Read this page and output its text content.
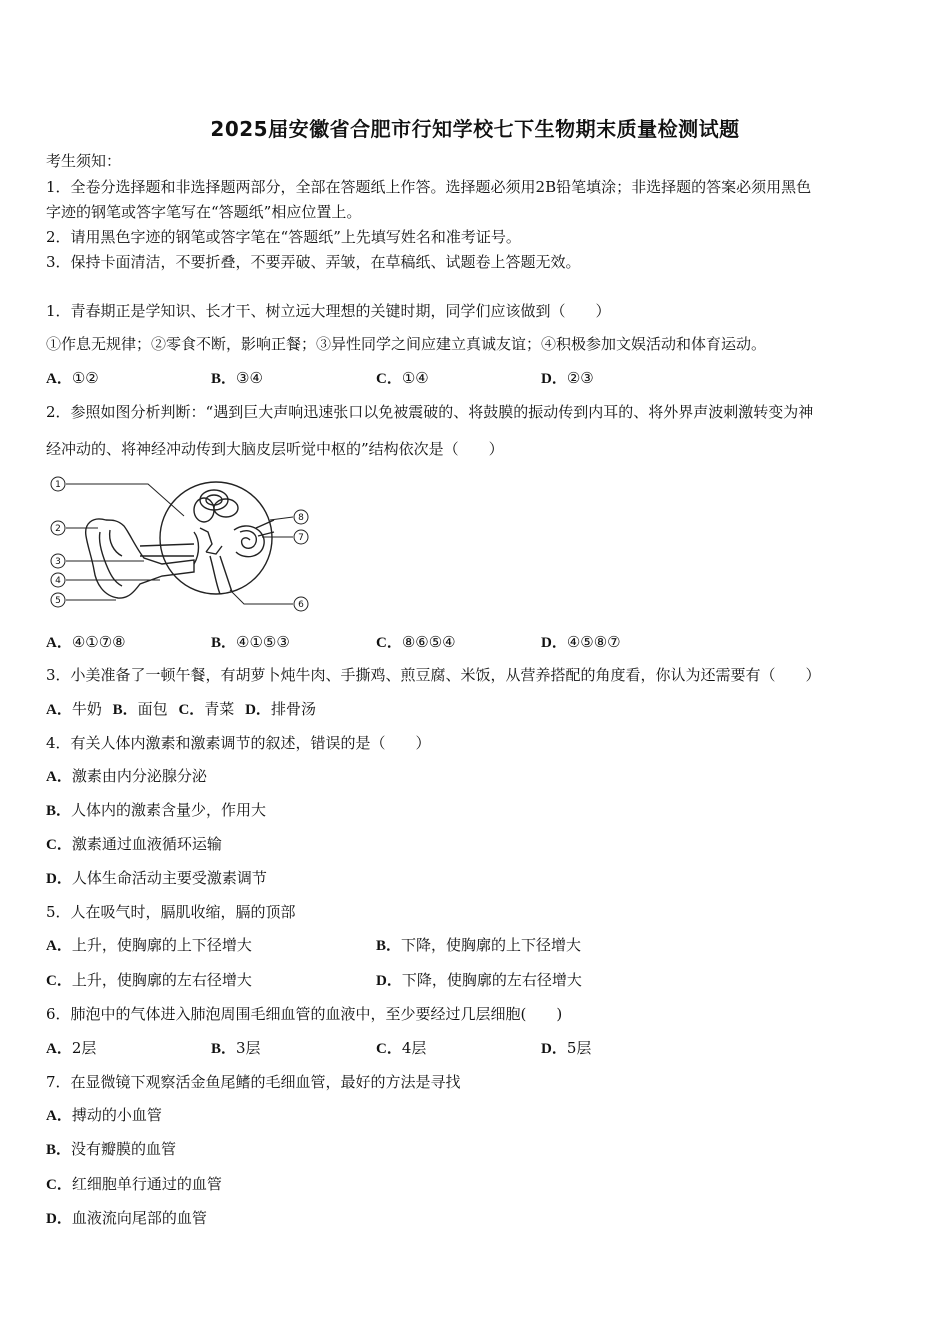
2025届安徽省合肥市行知学校七下生物期末质量检测试题
考生须知：
1．全卷分选择题和非选择题两部分，全部在答题纸上作答。选择题必须用2B铅笔填涂；非选择题的答案必须用黑色
字迹的钢笔或答字笔写在“答题纸”相应位置上。
2．请用黑色字迹的钢笔或答字笔在“答题纸”上先填写姓名和准考证号。
3．保持卡面清洁，不要折叠，不要弄破、弄皱，在草稿纸、试题卷上答题无效。
1．青春期正是学知识、长才干、树立远大理想的关键时期，同学们应该做到（　　）
①作息无规律；②零食不断，影响正餐；③异性同学之间应建立真诚友谊；④积极参加文娱活动和体育运动。
A．①②	B．③④	C．①④	D．②③
2．参照如图分析判断：“遇到巨大声响迅速张口以免被震破的、将鼓膜的振动传到内耳的、将外界声波刺激转变为神
经冲动的、将神经冲动传到大脑皮层听觉中枢的”结构依次是（　　）
1
2
3
4
5	6
7
8
A．④①⑦⑧	B．④①⑤③	C．⑧⑥⑤④	D．④⑤⑧⑦
3．小美准备了一顿午餐，有胡萝卜炖牛肉、手撕鸡、煎豆腐、米饭，从营养搭配的角度看，你认为还需要有（　　）
A．牛奶 B．面包 C．青菜 D．排骨汤
4．有关人体内激素和激素调节的叙述，错误的是（　　）
A．激素由内分泌腺分泌
B．人体内的激素含量少，作用大
C．激素通过血液循环运输
D．人体生命活动主要受激素调节
5．人在吸气时，膈肌收缩，膈的顶部
A．上升，使胸廓的上下径增大	B．下降，使胸廓的上下径增大
C．上升，使胸廓的左右径增大	D．下降，使胸廓的左右径增大
6．肺泡中的气体进入肺泡周围毛细血管的血液中，至少要经过几层细胞(　　)
A．2层	B．3层	C．4层	D．5层
7．在显微镜下观察活金鱼尾鳍的毛细血管，最好的方法是寻找
A．搏动的小血管
B．没有瓣膜的血管
C．红细胞单行通过的血管
D．血液流向尾部的血管
